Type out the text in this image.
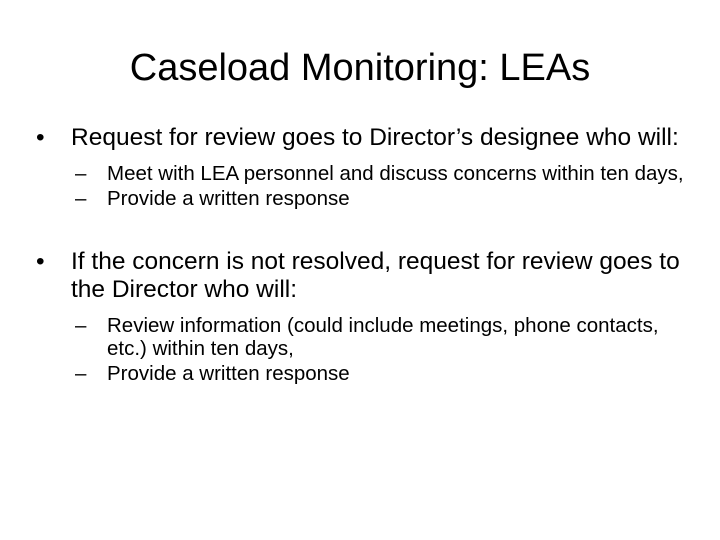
Caseload Monitoring: LEAs
•	Request for review goes to Director’s designee who will:
–	Meet with LEA personnel and discuss concerns within ten days,
–	Provide a written response
•	If the concern is not resolved, request for review goes to the Director who will:
–	Review information (could include meetings, phone contacts, etc.) within ten days,
–	Provide a written response
